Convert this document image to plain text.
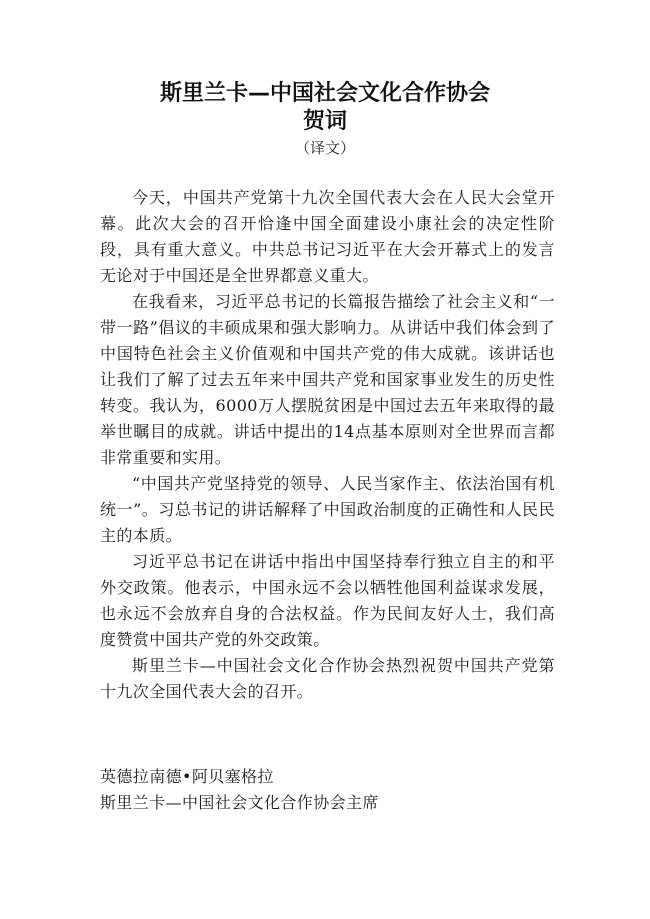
斯里兰卡—中国社会文化合作协会
贺词

（译文）

今天，中国共产党第十九次全国代表大会在人民大会堂开幕。此次大会的召开恰逢中国全面建设小康社会的决定性阶段，具有重大意义。中共总书记习近平在大会开幕式上的发言无论对于中国还是全世界都意义重大。

在我看来，习近平总书记的长篇报告描绘了社会主义和“一带一路”倡议的丰硕成果和强大影响力。从讲话中我们体会到了中国特色社会主义价值观和中国共产党的伟大成就。该讲话也让我们了解了过去五年来中国共产党和国家事业发生的历史性转变。我认为，6000万人摆脱贫困是中国过去五年来取得的最举世瞩目的成就。讲话中提出的14点基本原则对全世界而言都非常重要和实用。

“中国共产党坚持党的领导、人民当家作主、依法治国有机统一”。习总书记的讲话解释了中国政治制度的正确性和人民民主的本质。

习近平总书记在讲话中指出中国坚持奉行独立自主的和平外交政策。他表示，中国永远不会以牺牲他国利益谋求发展，也永远不会放弃自身的合法权益。作为民间友好人士，我们高度赞赏中国共产党的外交政策。

斯里兰卡—中国社会文化合作协会热烈祝贺中国共产党第十九次全国代表大会的召开。

英德拉南德•阿贝塞格拉

斯里兰卡—中国社会文化合作协会主席
